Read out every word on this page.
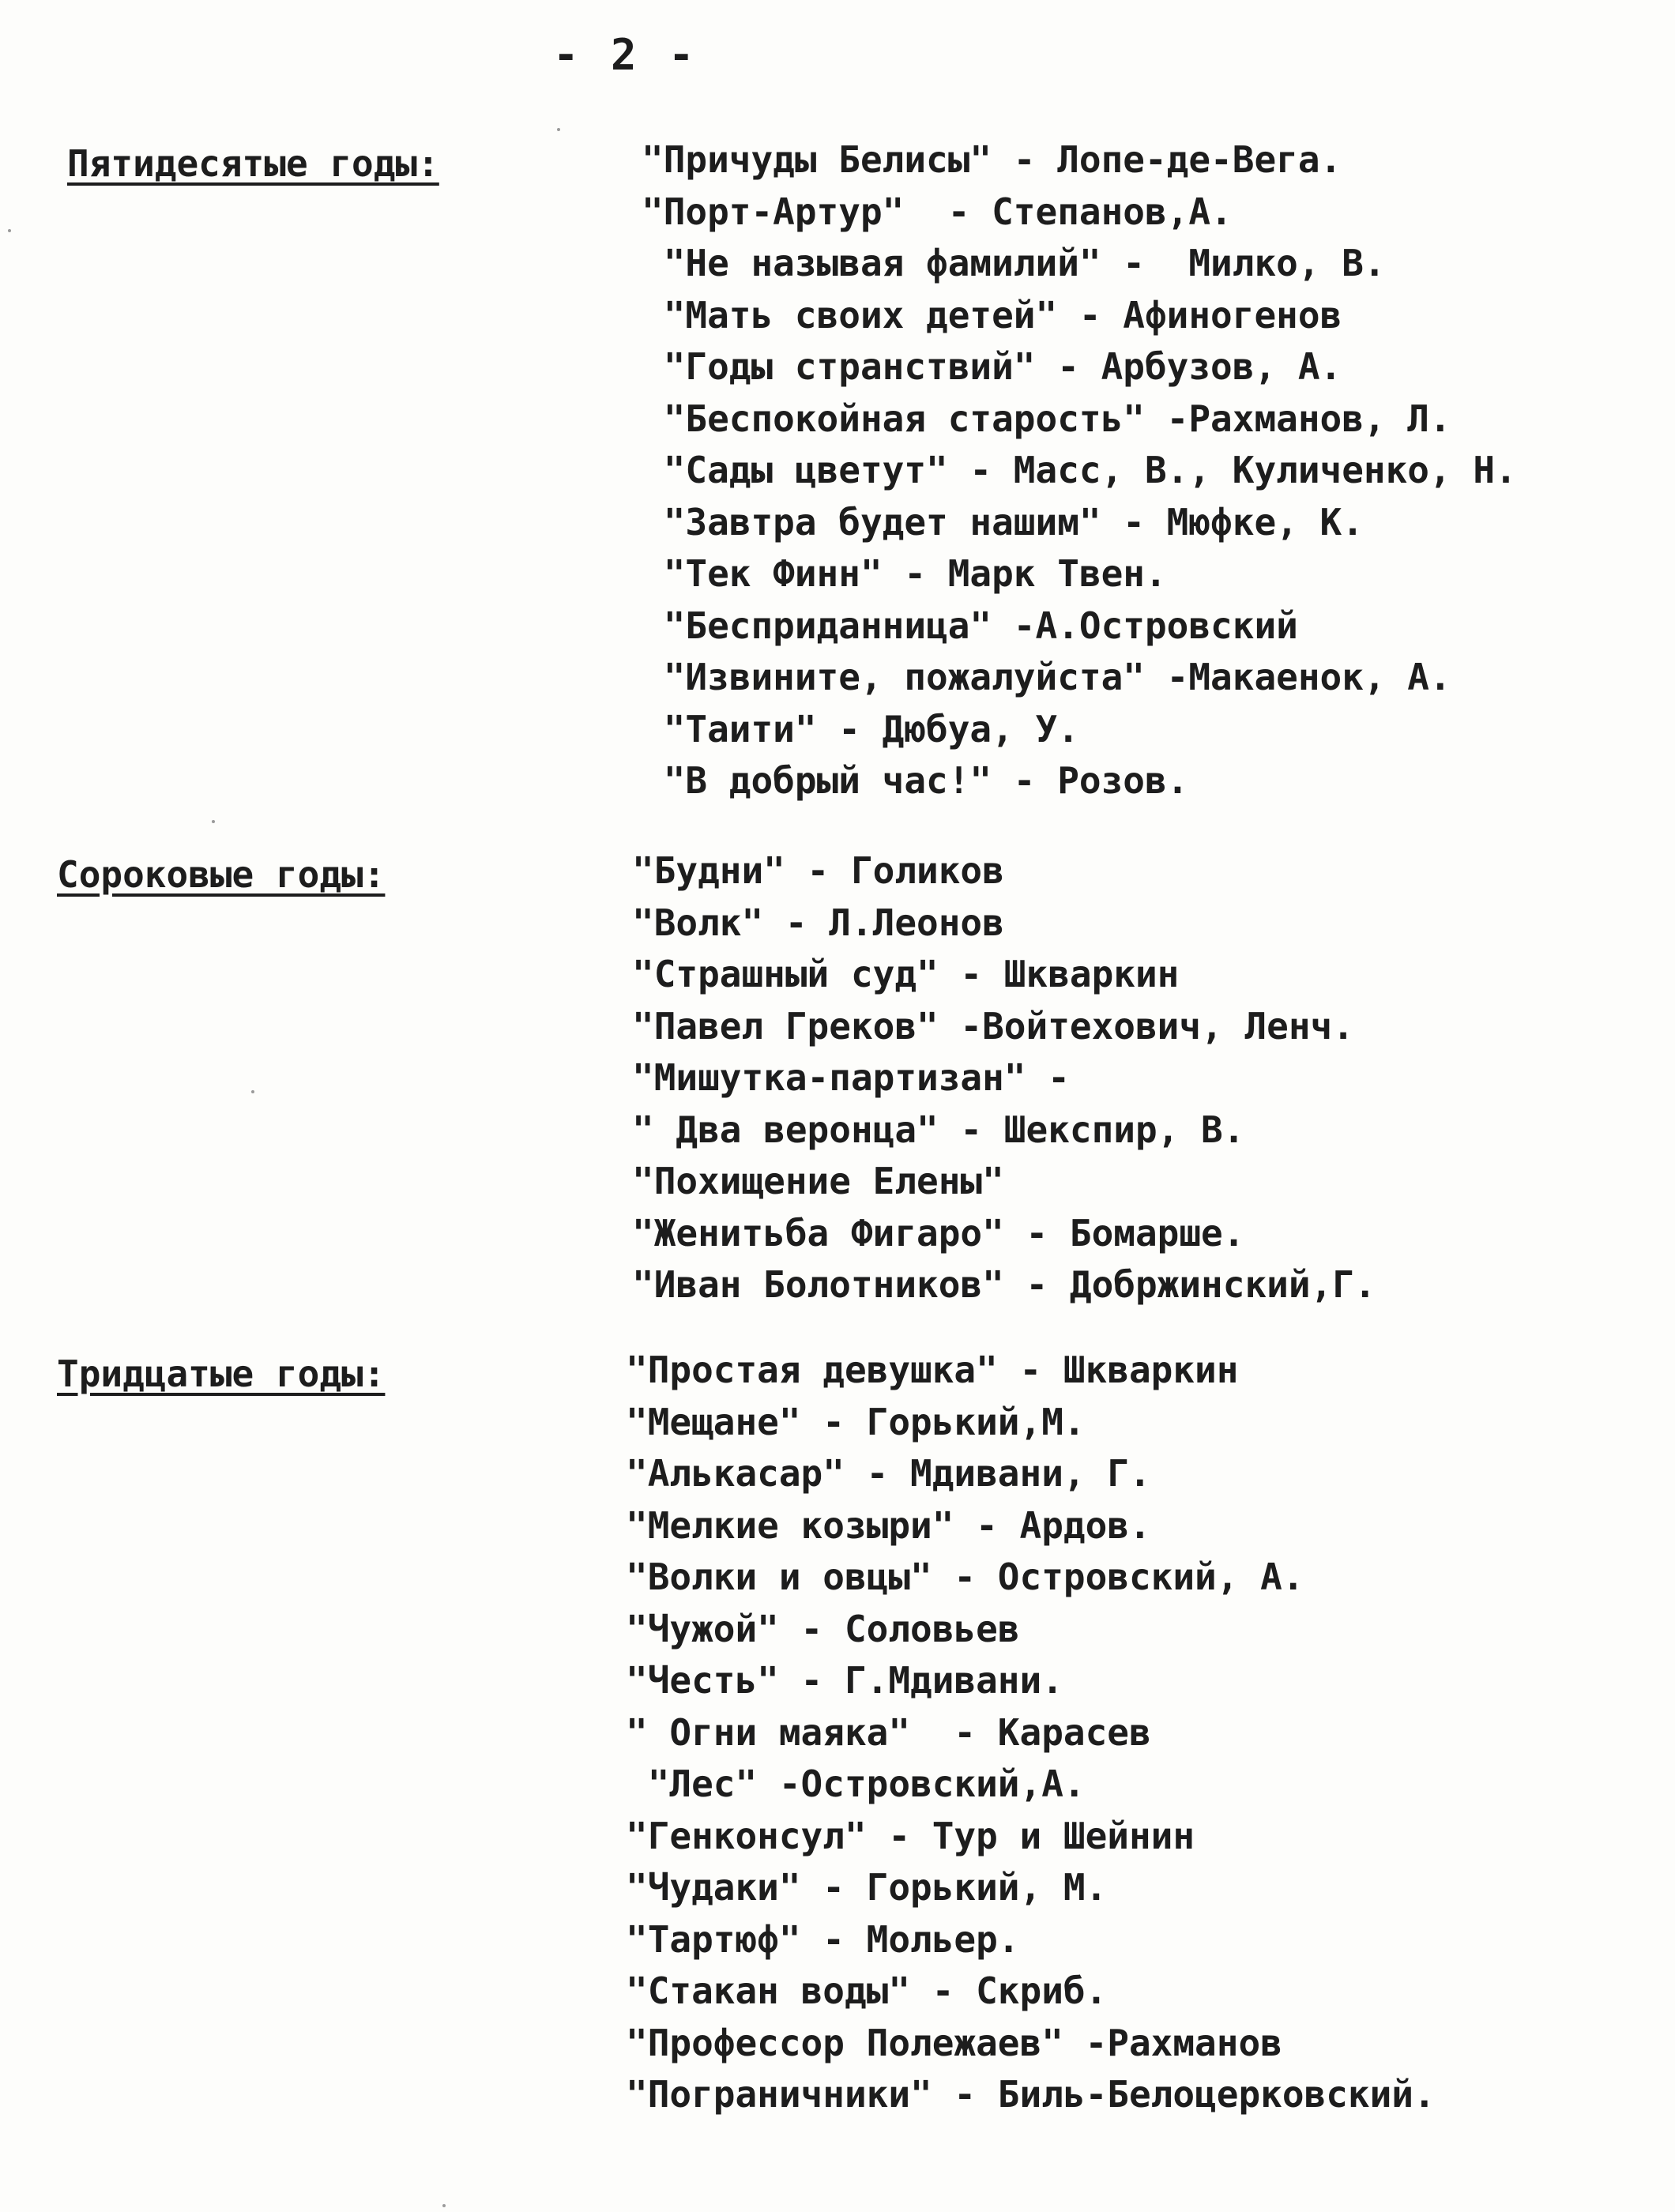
- 2 -
Пятидесятые годы:	"Причуды Белисы" - Лопе-де-Вега.
"Порт-Артур"  - Степанов,А.
"Не называя фамилий" -  Милко, В.
"Мать своих детей" - Афиногенов
"Годы странствий" - Арбузов, А.
"Беспокойная старость" -Рахманов, Л.
"Сады цветут" - Масс, В., Куличенко, Н.
"Завтра будет нашим" - Мюфке, К.
"Тек Финн" - Марк Твен.
"Бесприданница" -А.Островский
"Извините, пожалуйста" -Макаенок, А.
"Таити" - Дюбуа, У.
"В добрый час!" - Розов.
Сороковые годы:	"Будни" - Голиков
"Волк" - Л.Леонов
"Страшный суд" - Шкваркин
"Павел Греков" -Войтехович, Ленч.
"Мишутка-партизан" -
" Два веронца" - Шекспир, В.
"Похищение Елены"
"Женитьба Фигаро" - Бомарше.
"Иван Болотников" - Добржинский,Г.
Тридцатые годы:	"Простая девушка" - Шкваркин
"Мещане" - Горький,М.
"Алькасар" - Мдивани, Г.
"Мелкие козыри" - Ардов.
"Волки и овцы" - Островский, А.
"Чужой" - Соловьев
"Честь" - Г.Мдивани.
" Огни маяка"  - Карасев
"Лес" -Островский,А.
"Генконсул" - Тур и Шейнин
"Чудаки" - Горький, М.
"Тартюф" - Мольер.
"Стакан воды" - Скриб.
"Профессор Полежаев" -Рахманов
"Пограничники" - Биль-Белоцерковский.
